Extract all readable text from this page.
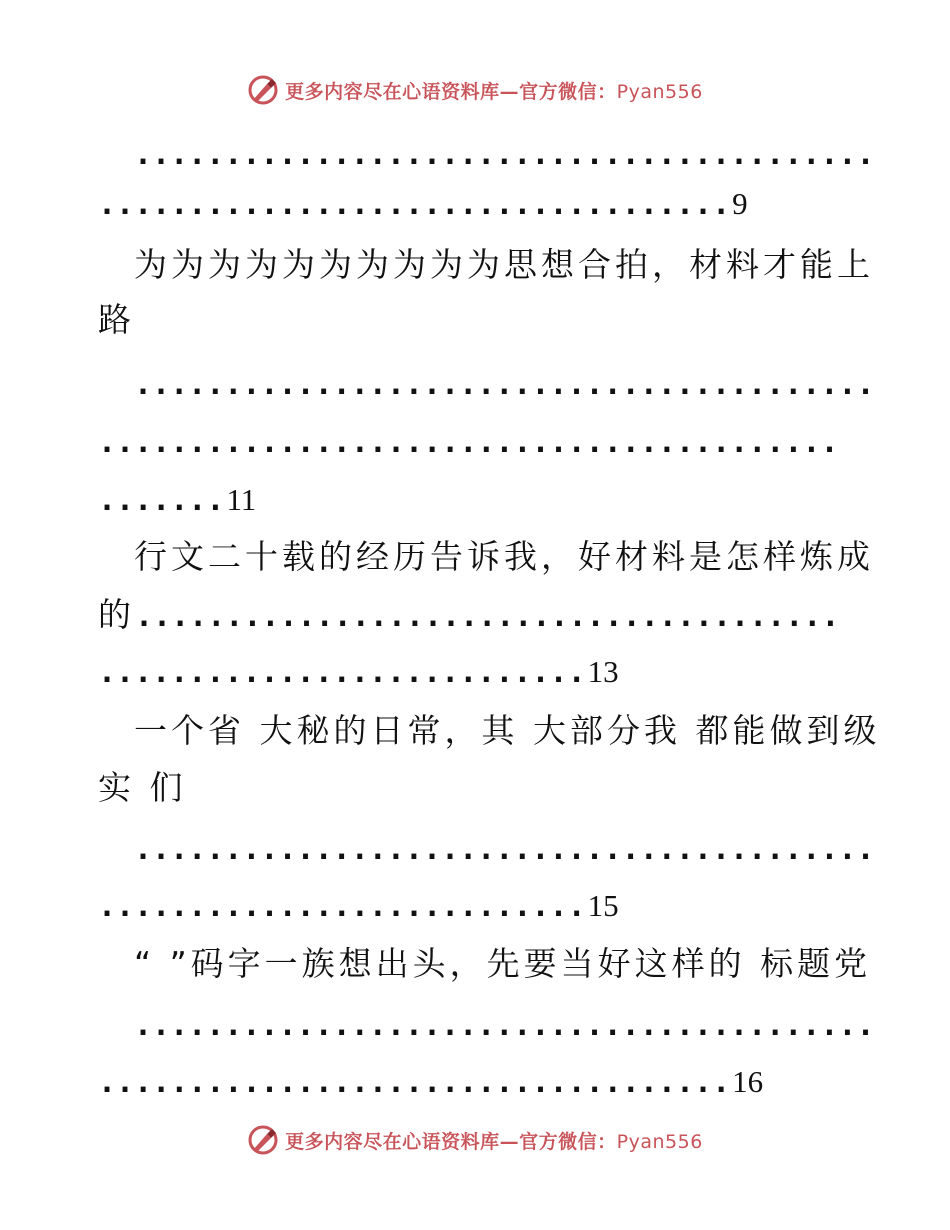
更多内容尽在心语资料库—官方微信：Pyan556
.........................................
...................................9
为为为为为为为为为为思想合拍，材料才能上
路
.........................................
.........................................
.......11
行文二十载的经历告诉我，好材料是怎样炼成
的.......................................
...........................13
一个省 大秘的日常，其 大部分我 都能做到级
实 们
.........................................
...........................15
“ ”码字一族想出头，先要当好这样的 标题党
.........................................
...................................16
更多内容尽在心语资料库—官方微信：Pyan556
